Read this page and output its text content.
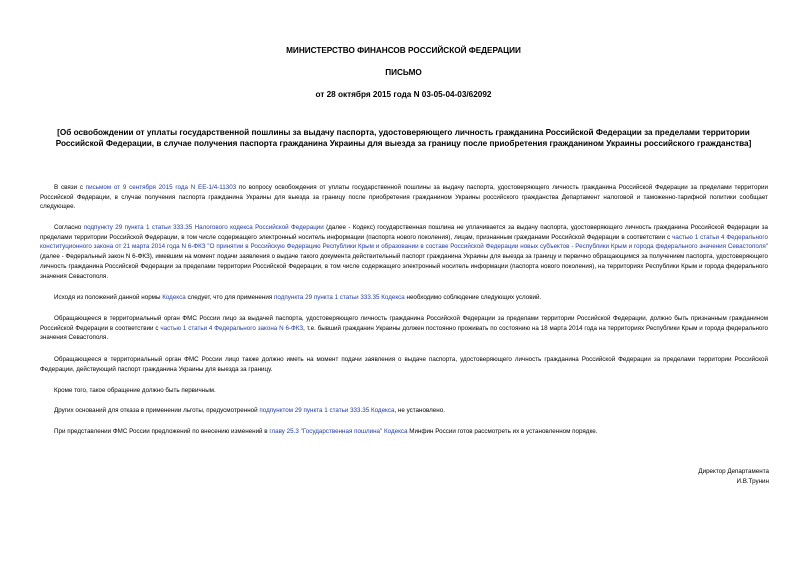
МИНИСТЕРСТВО ФИНАНСОВ РОССИЙСКОЙ ФЕДЕРАЦИИ
ПИСЬМО
от 28 октября 2015 года N 03-05-04-03/62092
[Об освобождении от уплаты государственной пошлины за выдачу паспорта, удостоверяющего личность гражданина Российской Федерации за пределами территории Российской Федерации, в случае получения паспорта гражданина Украины для выезда за границу после приобретения гражданином Украины российского гражданства]

В связи с письмом от 9 сентября 2015 года N ЕЕ-1/4-11303 по вопросу освобождения от уплаты государственной пошлины за выдачу паспорта, удостоверяющего личность гражданина Российской Федерации за пределами территории Российской Федерации, в случае получения паспорта гражданина Украины для выезда за границу после приобретения гражданином Украины российского гражданства Департамент налоговой и таможенно-тарифной политики сообщает следующее.

Согласно подпункту 29 пункта 1 статьи 333.35 Налогового кодекса Российской Федерации (далее - Кодекс) государственная пошлина не уплачивается за выдачу паспорта, удостоверяющего личность гражданина Российской Федерации за пределами территории Российской Федерации, в том числе содержащего электронный носитель информации (паспорта нового поколения), лицам, признанным гражданами Российской Федерации в соответствии с частью 1 статьи 4 Федерального конституционного закона от 21 марта 2014 года N 6-ФКЗ "О принятии в Российскую Федерацию Республики Крым и образовании в составе Российской Федерации новых субъектов - Республики Крым и города федерального значения Севастополя" (далее - Федеральный закон N 6-ФКЗ), имевшим на момент подачи заявления о выдаче такого документа действительный паспорт гражданина Украины для выезда за границу и первично обращающимся за получением паспорта, удостоверяющего личность гражданина Российской Федерации за пределами территории Российской Федерации, в том числе содержащего электронный носитель информации (паспорта нового поколения), на территориях Республики Крым и города федерального значения Севастополя.

Исходя из положений данной нормы Кодекса следует, что для применения подпункта 29 пункта 1 статьи 333.35 Кодекса необходимо соблюдение следующих условий.

Обращающееся в территориальный орган ФМС России лицо за выдачей паспорта, удостоверяющего личность гражданина Российской Федерации за пределами территории Российской Федерации, должно быть признанным гражданином Российской Федерации в соответствии с частью 1 статьи 4 Федерального закона N 6-ФКЗ, т.е. бывший гражданин Украины должен постоянно проживать по состоянию на 18 марта 2014 года на территориях Республики Крым и города федерального значения Севастополя.

Обращающееся в территориальный орган ФМС России лицо также должно иметь на момент подачи заявления о выдаче паспорта, удостоверяющего личность гражданина Российской Федерации за пределами территории Российской Федерации, действующий паспорт гражданина Украины для выезда за границу.

Кроме того, такое обращение должно быть первичным.

Других оснований для отказа в применении льготы, предусмотренной подпунктом 29 пункта 1 статьи 333.35 Кодекса, не установлено.

При представлении ФМС России предложений по внесению изменений в главу 25.3 "Государственная пошлина" Кодекса Минфин России готов рассмотреть их в установленном порядке.

Директор Департамента
И.В.Трунин
